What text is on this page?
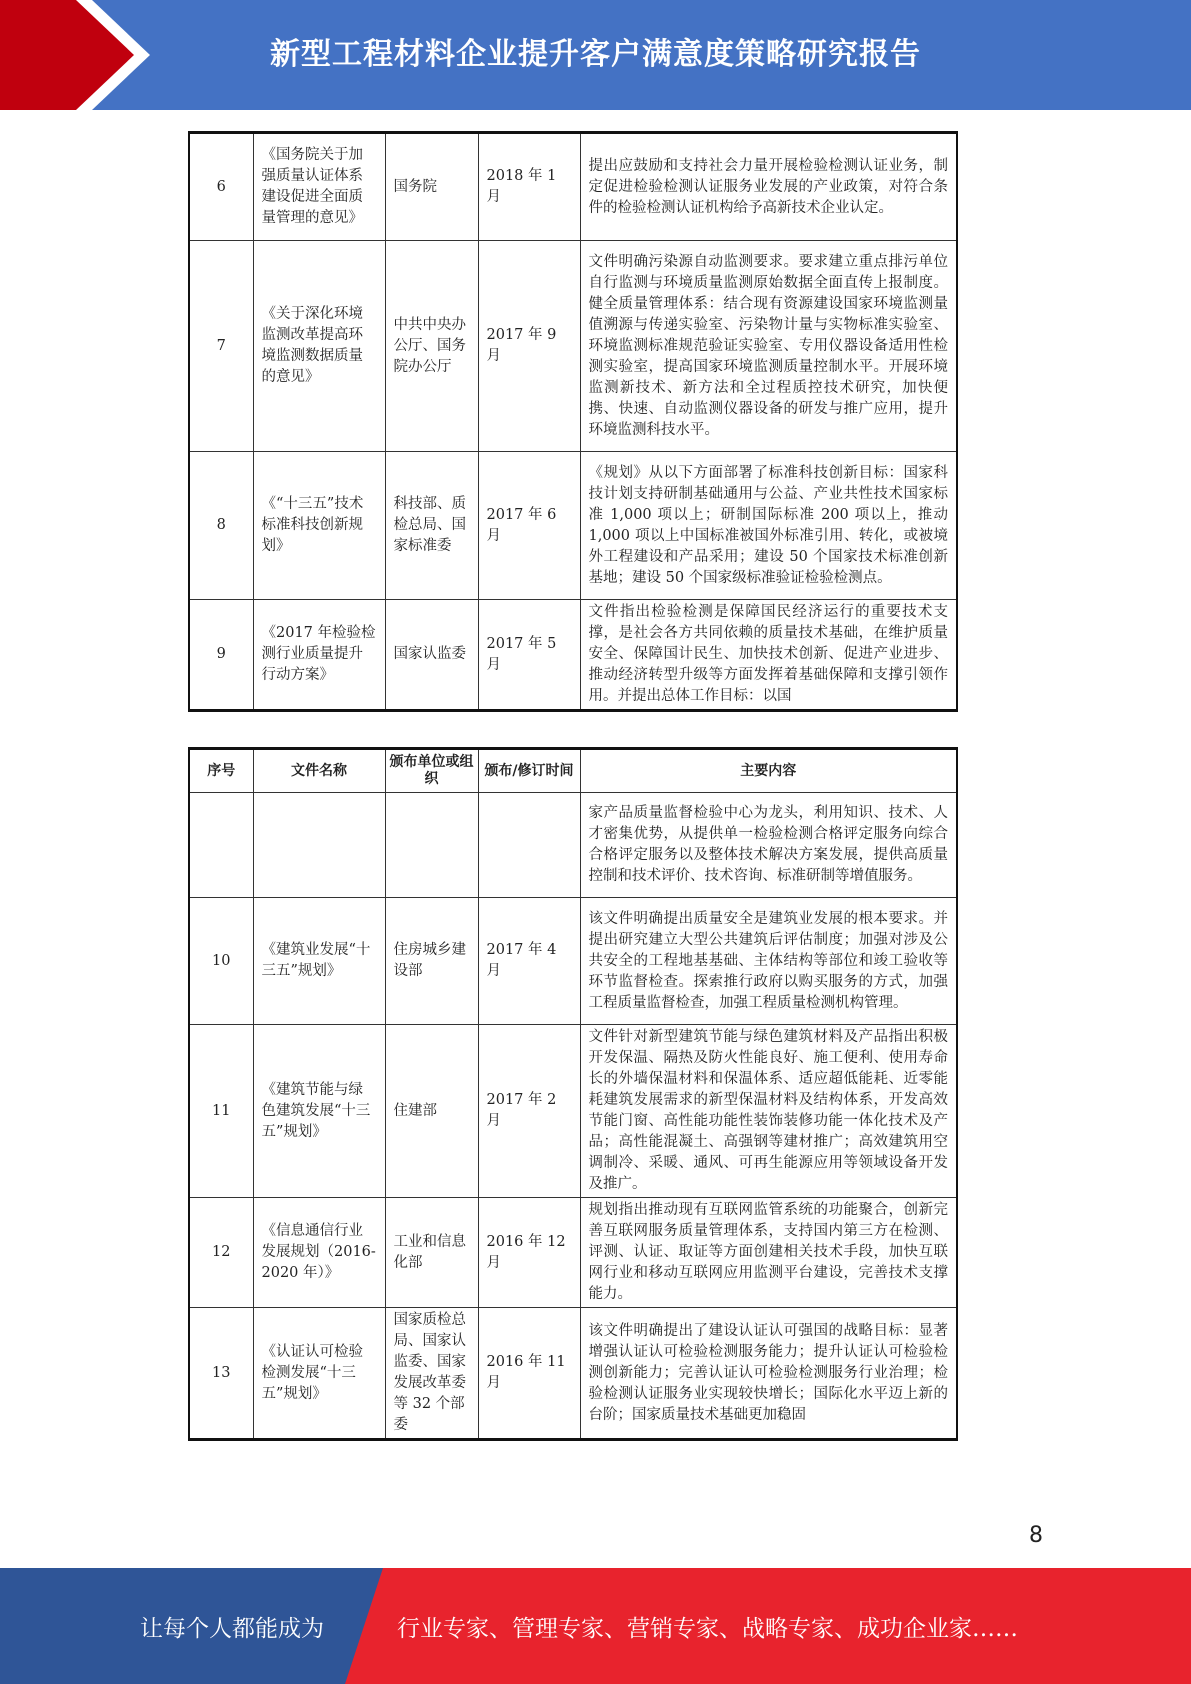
新型工程材料企业提升客户满意度策略研究报告
6	《国务院关于加强质量认证体系建设促进全面质量管理的意见》	国务院	2018 年 1 月	提出应鼓励和支持社会力量开展检验检测认证业务，制定促进检验检测认证服务业发展的产业政策，对符合条件的检验检测认证机构给予高新技术企业认定。
7	《关于深化环境监测改革提高环境监测数据质量的意见》	中共中央办公厅、国务院办公厅	2017 年 9 月	文件明确污染源自动监测要求。要求建立重点排污单位自行监测与环境质量监测原始数据全面直传上报制度。健全质量管理体系：结合现有资源建设国家环境监测量值溯源与传递实验室、污染物计量与实物标准实验室、环境监测标准规范验证实验室、专用仪器设备适用性检测实验室，提高国家环境监测质量控制水平。开展环境监测新技术、新方法和全过程质控技术研究，加快便携、快速、自动监测仪器设备的研发与推广应用，提升环境监测科技水平。
8	《“十三五”技术标准科技创新规划》	科技部、质检总局、国家标准委	2017 年 6 月	《规划》从以下方面部署了标准科技创新目标：国家科技计划支持研制基础通用与公益、产业共性技术国家标准 1,000 项以上；研制国际标准 200 项以上，推动 1,000 项以上中国标准被国外标准引用、转化，或被境外工程建设和产品采用；建设 50 个国家技术标准创新基地；建设 50 个国家级标准验证检验检测点。
9	《2017 年检验检测行业质量提升行动方案》	国家认监委	2017 年 5 月	文件指出检验检测是保障国民经济运行的重要技术支撑，是社会各方共同依赖的质量技术基础，在维护质量安全、保障国计民生、加快技术创新、促进产业进步、推动经济转型升级等方面发挥着基础保障和支撑引领作用。并提出总体工作目标：以国
序号	文件名称	颁布单位或组织	颁布/修订时间	主要内容
				家产品质量监督检验中心为龙头，利用知识、技术、人才密集优势，从提供单一检验检测合格评定服务向综合合格评定服务以及整体技术解决方案发展，提供高质量控制和技术评价、技术咨询、标准研制等增值服务。
10	《建筑业发展“十三五”规划》	住房城乡建设部	2017 年 4 月	该文件明确提出质量安全是建筑业发展的根本要求。并提出研究建立大型公共建筑后评估制度；加强对涉及公共安全的工程地基基础、主体结构等部位和竣工验收等环节监督检查。探索推行政府以购买服务的方式，加强工程质量监督检查，加强工程质量检测机构管理。
11	《建筑节能与绿色建筑发展“十三五”规划》	住建部	2017 年 2 月	文件针对新型建筑节能与绿色建筑材料及产品指出积极开发保温、隔热及防火性能良好、施工便利、使用寿命长的外墙保温材料和保温体系、适应超低能耗、近零能耗建筑发展需求的新型保温材料及结构体系，开发高效节能门窗、高性能功能性装饰装修功能一体化技术及产品；高性能混凝土、高强钢等建材推广；高效建筑用空调制冷、采暖、通风、可再生能源应用等领域设备开发及推广。
12	《信息通信行业发展规划（2016-2020 年）》	工业和信息化部	2016 年 12 月	规划指出推动现有互联网监管系统的功能聚合，创新完善互联网服务质量管理体系，支持国内第三方在检测、评测、认证、取证等方面创建相关技术手段，加快互联网行业和移动互联网应用监测平台建设，完善技术支撑能力。
13	《认证认可检验检测发展“十三五”规划》	国家质检总局、国家认监委、国家发展改革委等 32 个部委	2016 年 11 月	该文件明确提出了建设认证认可强国的战略目标：显著增强认证认可检验检测服务能力；提升认证认可检验检测创新能力；完善认证认可检验检测服务行业治理；检验检测认证服务业实现较快增长；国际化水平迈上新的台阶；国家质量技术基础更加稳固
8
让每个人都能成为	行业专家、管理专家、营销专家、战略专家、成功企业家……
